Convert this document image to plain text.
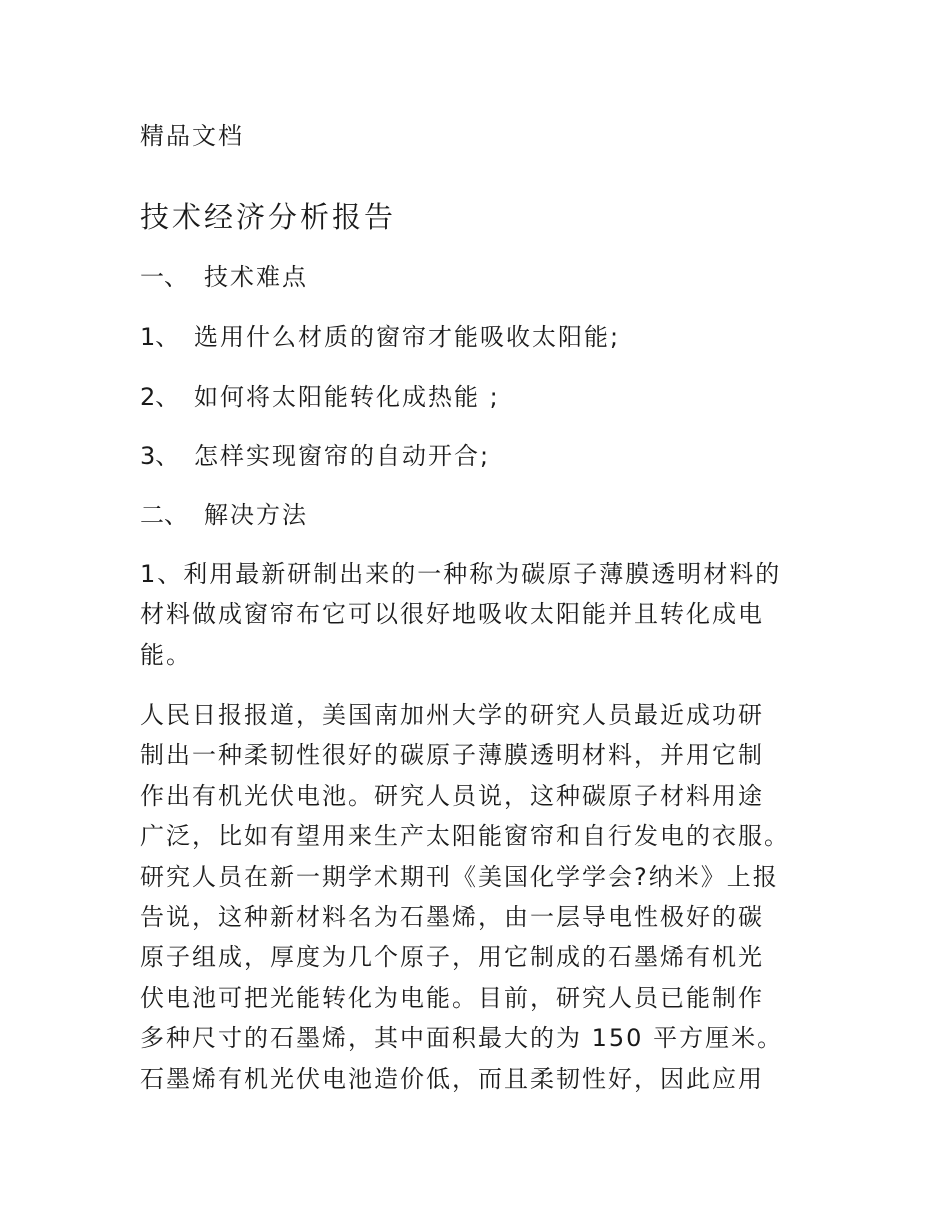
精品文档
技术经济分析报告
一、 技术难点
1、 选用什么材质的窗帘才能吸收太阳能;
2、 如何将太阳能转化成热能 ;
3、 怎样实现窗帘的自动开合;
二、 解决方法
1、利用最新研制出来的一种称为碳原子薄膜透明材料的
材料做成窗帘布它可以很好地吸收太阳能并且转化成电
能。
人民日报报道，美国南加州大学的研究人员最近成功研
制出一种柔韧性很好的碳原子薄膜透明材料，并用它制
作出有机光伏电池。研究人员说，这种碳原子材料用途
广泛，比如有望用来生产太阳能窗帘和自行发电的衣服。
研究人员在新一期学术期刊《美国化学学会?纳米》上报
告说，这种新材料名为石墨烯，由一层导电性极好的碳
原子组成，厚度为几个原子，用它制成的石墨烯有机光
伏电池可把光能转化为电能。目前，研究人员已能制作
多种尺寸的石墨烯，其中面积最大的为 150 平方厘米。
石墨烯有机光伏电池造价低，而且柔韧性好，因此应用
